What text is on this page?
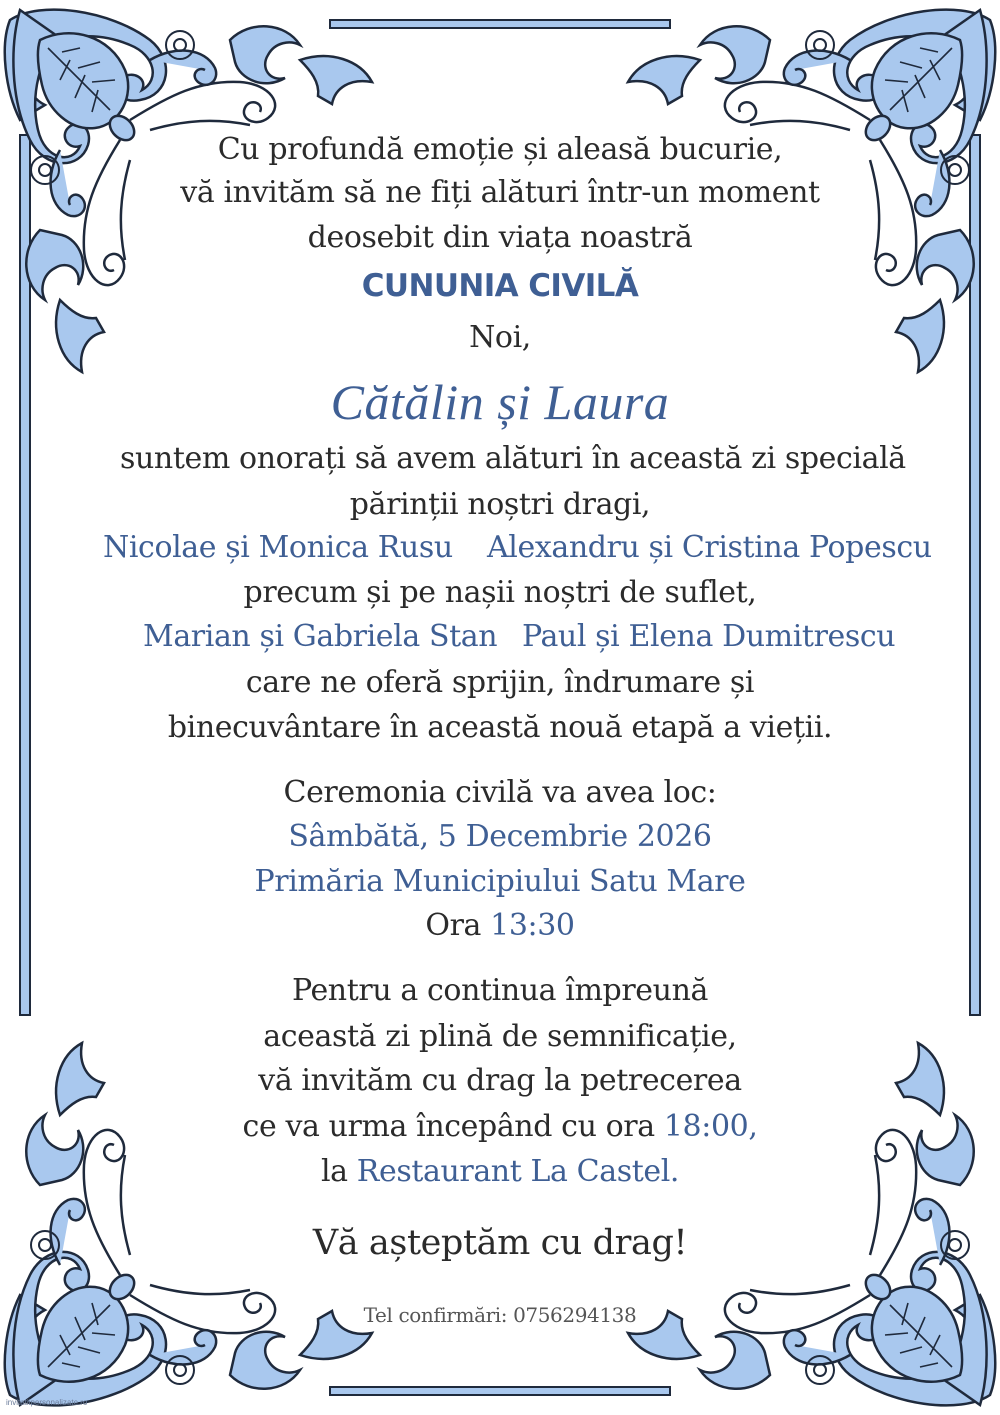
Cu profundă emoție și aleasă bucurie,
vă invităm să ne fiți alături într-un moment
deosebit din viața noastră
CUNUNIA CIVILĂ
Noi,
Cătălin și Laura
suntem onorați să avem alături în această zi specială
părinții noștri dragi,
Nicolae și Monica Rusu Alexandru și Cristina Popescu
precum și pe nașii noștri de suflet,
Marian și Gabriela Stan Paul și Elena Dumitrescu
care ne oferă sprijin, îndrumare și
binecuvântare în această nouă etapă a vieții.
Ceremonia civilă va avea loc:
Sâmbătă, 5 Decembrie 2026
Primăria Municipiului Satu Mare
Ora 13:30
Pentru a continua împreună
această zi plină de semnificație,
vă invităm cu drag la petrecerea
ce va urma începând cu ora 18:00,
la Restaurant La Castel.
Vă așteptăm cu drag!
Tel confirmări: 0756294138
invitatiipersonalizate.ro
